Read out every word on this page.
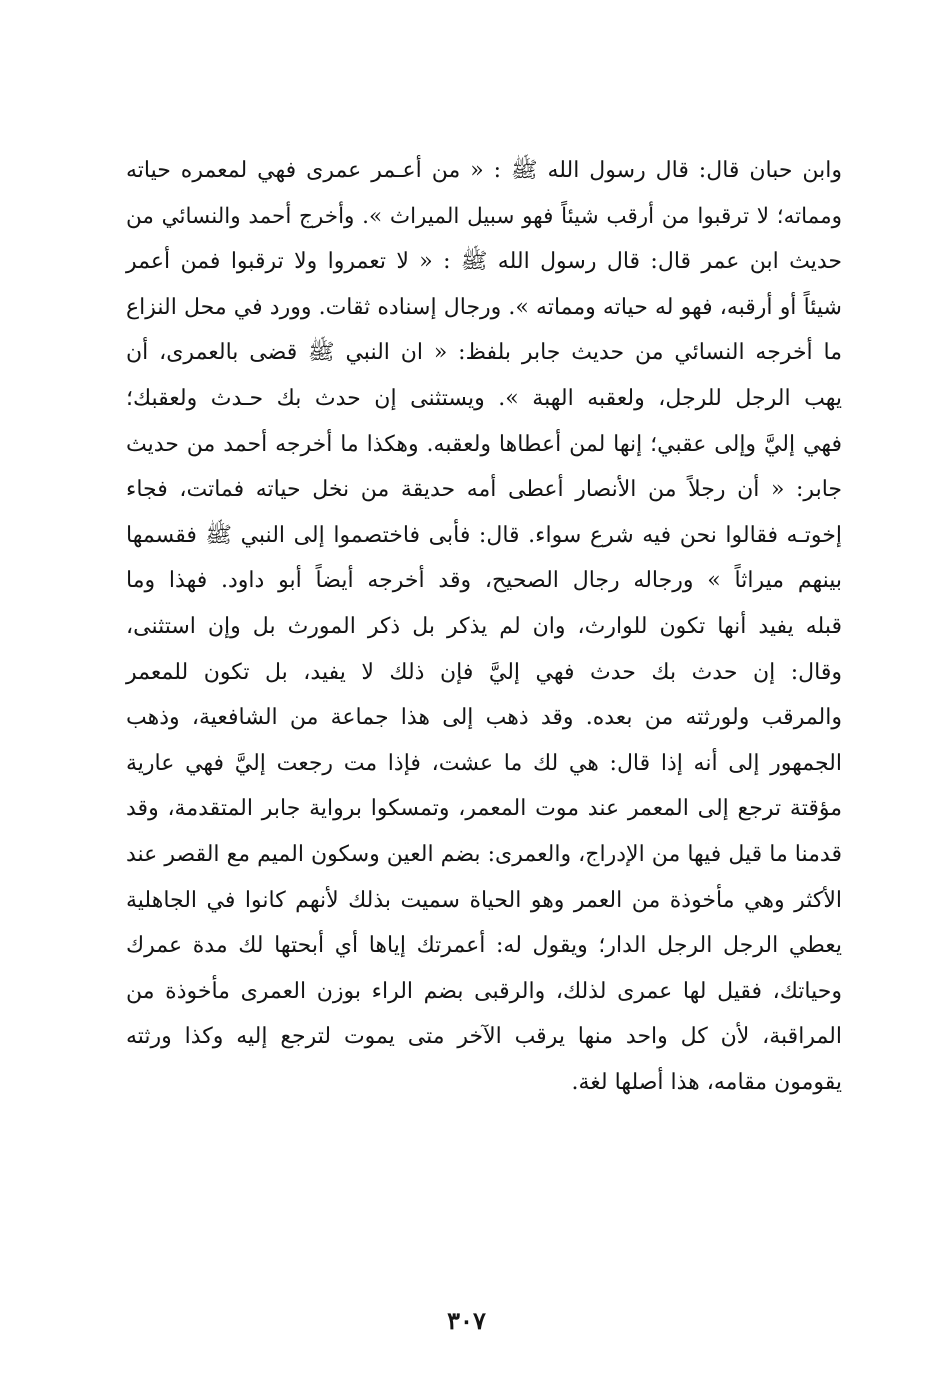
وابن حبان قال: قال رسول الله ﷺ : « من أعـمر عمرى فهي لمعمره حياته
ومماته؛ لا ترقبوا من أرقب شيئاً فهو سبيل الميراث ». وأخرج أحمد والنسائي من
حديث ابن عمر قال: قال رسول الله ﷺ : « لا تعمروا ولا ترقبوا فمن أعمر
شيئاً أو أرقبه، فهو له حياته ومماته ». ورجال إسناده ثقات. وورد في محل النزاع
ما أخرجه النسائي من حديث جابر بلفظ: « ان النبي ﷺ قضى بالعمرى، أن
يهب الرجل للرجل، ولعقبه الهبة ». ويستثنى إن حدث بك حـدث ولعقبك؛
فهي إليَّ وإلى عقبي؛ إنها لمن أعطاها ولعقبه. وهكذا ما أخرجه أحمد من حديث
جابر: « أن رجلاً من الأنصار أعطى أمه حديقة من نخل حياته فماتت، فجاء
إخوتـه فقالوا نحن فيه شرع سواء. قال: فأبى فاختصموا إلى النبي ﷺ فقسمها
بينهم ميراثاً » ورجاله رجال الصحيح، وقد أخرجه أيضاً أبو داود. فهذا وما
قبله يفيد أنها تكون للوارث، وان لم يذكر بل ذكر المورث بل وإن استثنى،
وقال: إن حدث بك حدث فهي إليَّ فإن ذلك لا يفيد، بل تكون للمعمر
والمرقب ولورثته من بعده. وقد ذهب إلى هذا جماعة من الشافعية، وذهب
الجمهور إلى أنه إذا قال: هي لك ما عشت، فإذا مت رجعت إليَّ فهي عارية
مؤقتة ترجع إلى المعمر عند موت المعمر، وتمسكوا برواية جابر المتقدمة، وقد
قدمنا ما قيل فيها من الإدراج، والعمرى: بضم العين وسكون الميم مع القصر عند
الأكثر وهي مأخوذة من العمر وهو الحياة سميت بذلك لأنهم كانوا في الجاهلية
يعطي الرجل الرجل الدار؛ ويقول له: أعمرتك إياها أي أبحتها لك مدة عمرك
وحياتك، فقيل لها عمرى لذلك، والرقبى بضم الراء بوزن العمرى مأخوذة من
المراقبة، لأن كل واحد منها يرقب الآخر متى يموت لترجع إليه وكذا ورثته
يقومون مقامه، هذا أصلها لغة.
٣٠٧
